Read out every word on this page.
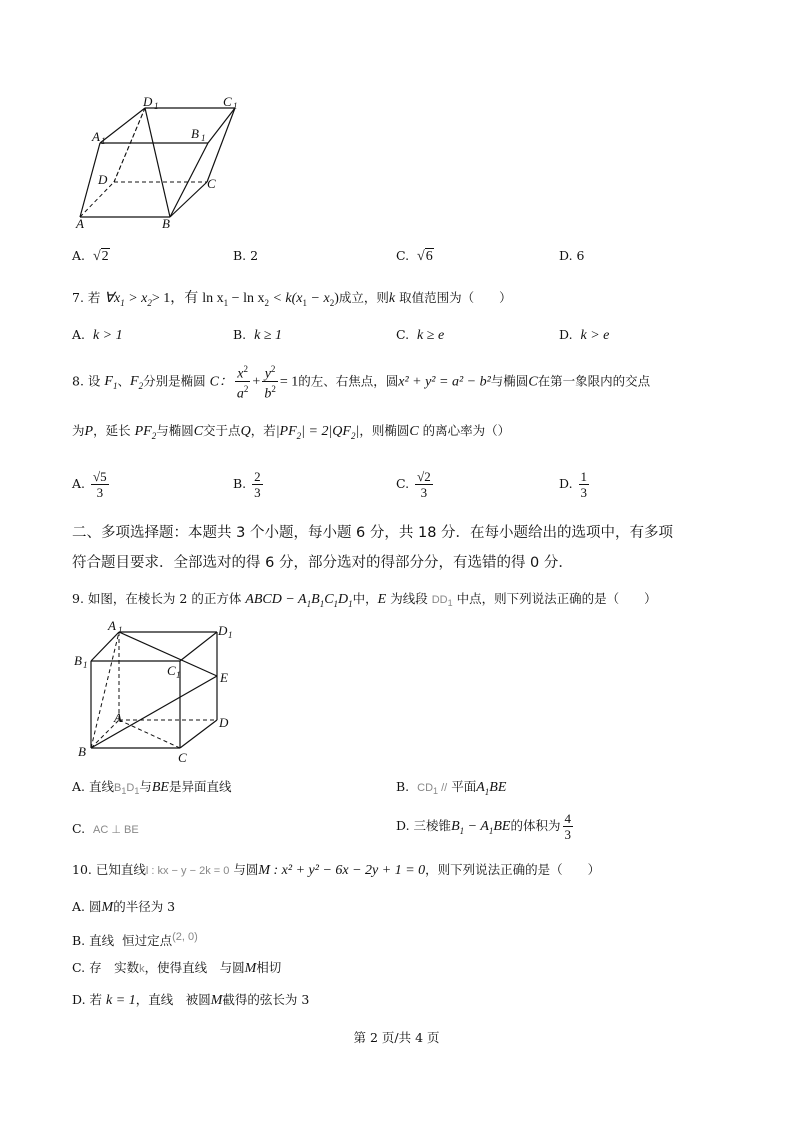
D 1	C 1
A 1	B 1
D	C
A	B
A. √2	B. 2	C. √6	D. 6
7. 若 $\forall x_1 > x_2> 1$，有 $\ln x_1 - \ln x_2 < k(x_1 - x_2)$成立，则k 取值范围为（　　）
A. k > 1	B. k ≥ 1	C. k ≥ e	D. k > e
8. 设 $F_1$、$F_2$分别是椭圆 C： $\frac{x^2}{a^2} + \frac{y^2}{b^2} = 1$的左、右焦点，圆x² + y² = a² − b²与椭圆C在第一象限内的交点
为P，延长 $PF_2$与椭圆C交于点Q，若$|PF_2| = 2|QF_2|$，则椭圆C 的离心率为（）
A. $\frac{√5}{3}$	B. $\frac{2}{3}$	C. $\frac{√2}{3}$	D. $\frac{1}{3}$
二、多项选择题：本题共 3 个小题，每小题 6 分，共 18 分．在每小题给出的选项中，有多项
符合题目要求．全部选对的得 6 分，部分选对的得部分分，有选错的得 0 分．
9. 如图，在棱长为 2 的正方体 ABCD − $A_1B_1C_1D_1$中，E 为线段 $DD_1$ 中点，则下列说法正确的是（　　）
A 1	D 1
B 1	C 1	E
A	D
B	C
A. 直线$B_1D_1$与BE是异面直线	B. $CD_1$ // 平面$A_1BE$
C. AC ⊥ BE	D. 三棱锥$B_1 - A_1BE$的体积为 $\frac{4}{3}$
10. 已知直线l : kx − y − 2k = 0 与圆M : x² + y² − 6x − 2y + 1 = 0，则下列说法正确的是（　　）
A. 圆M的半径为 3
B. 直线 恒过定点(2, 0)
C. 存　实数k，使得直线　与圆M相切
D. 若 k = 1，直线　被圆M截得的弦长为 3
第 2 页/共 4 页
